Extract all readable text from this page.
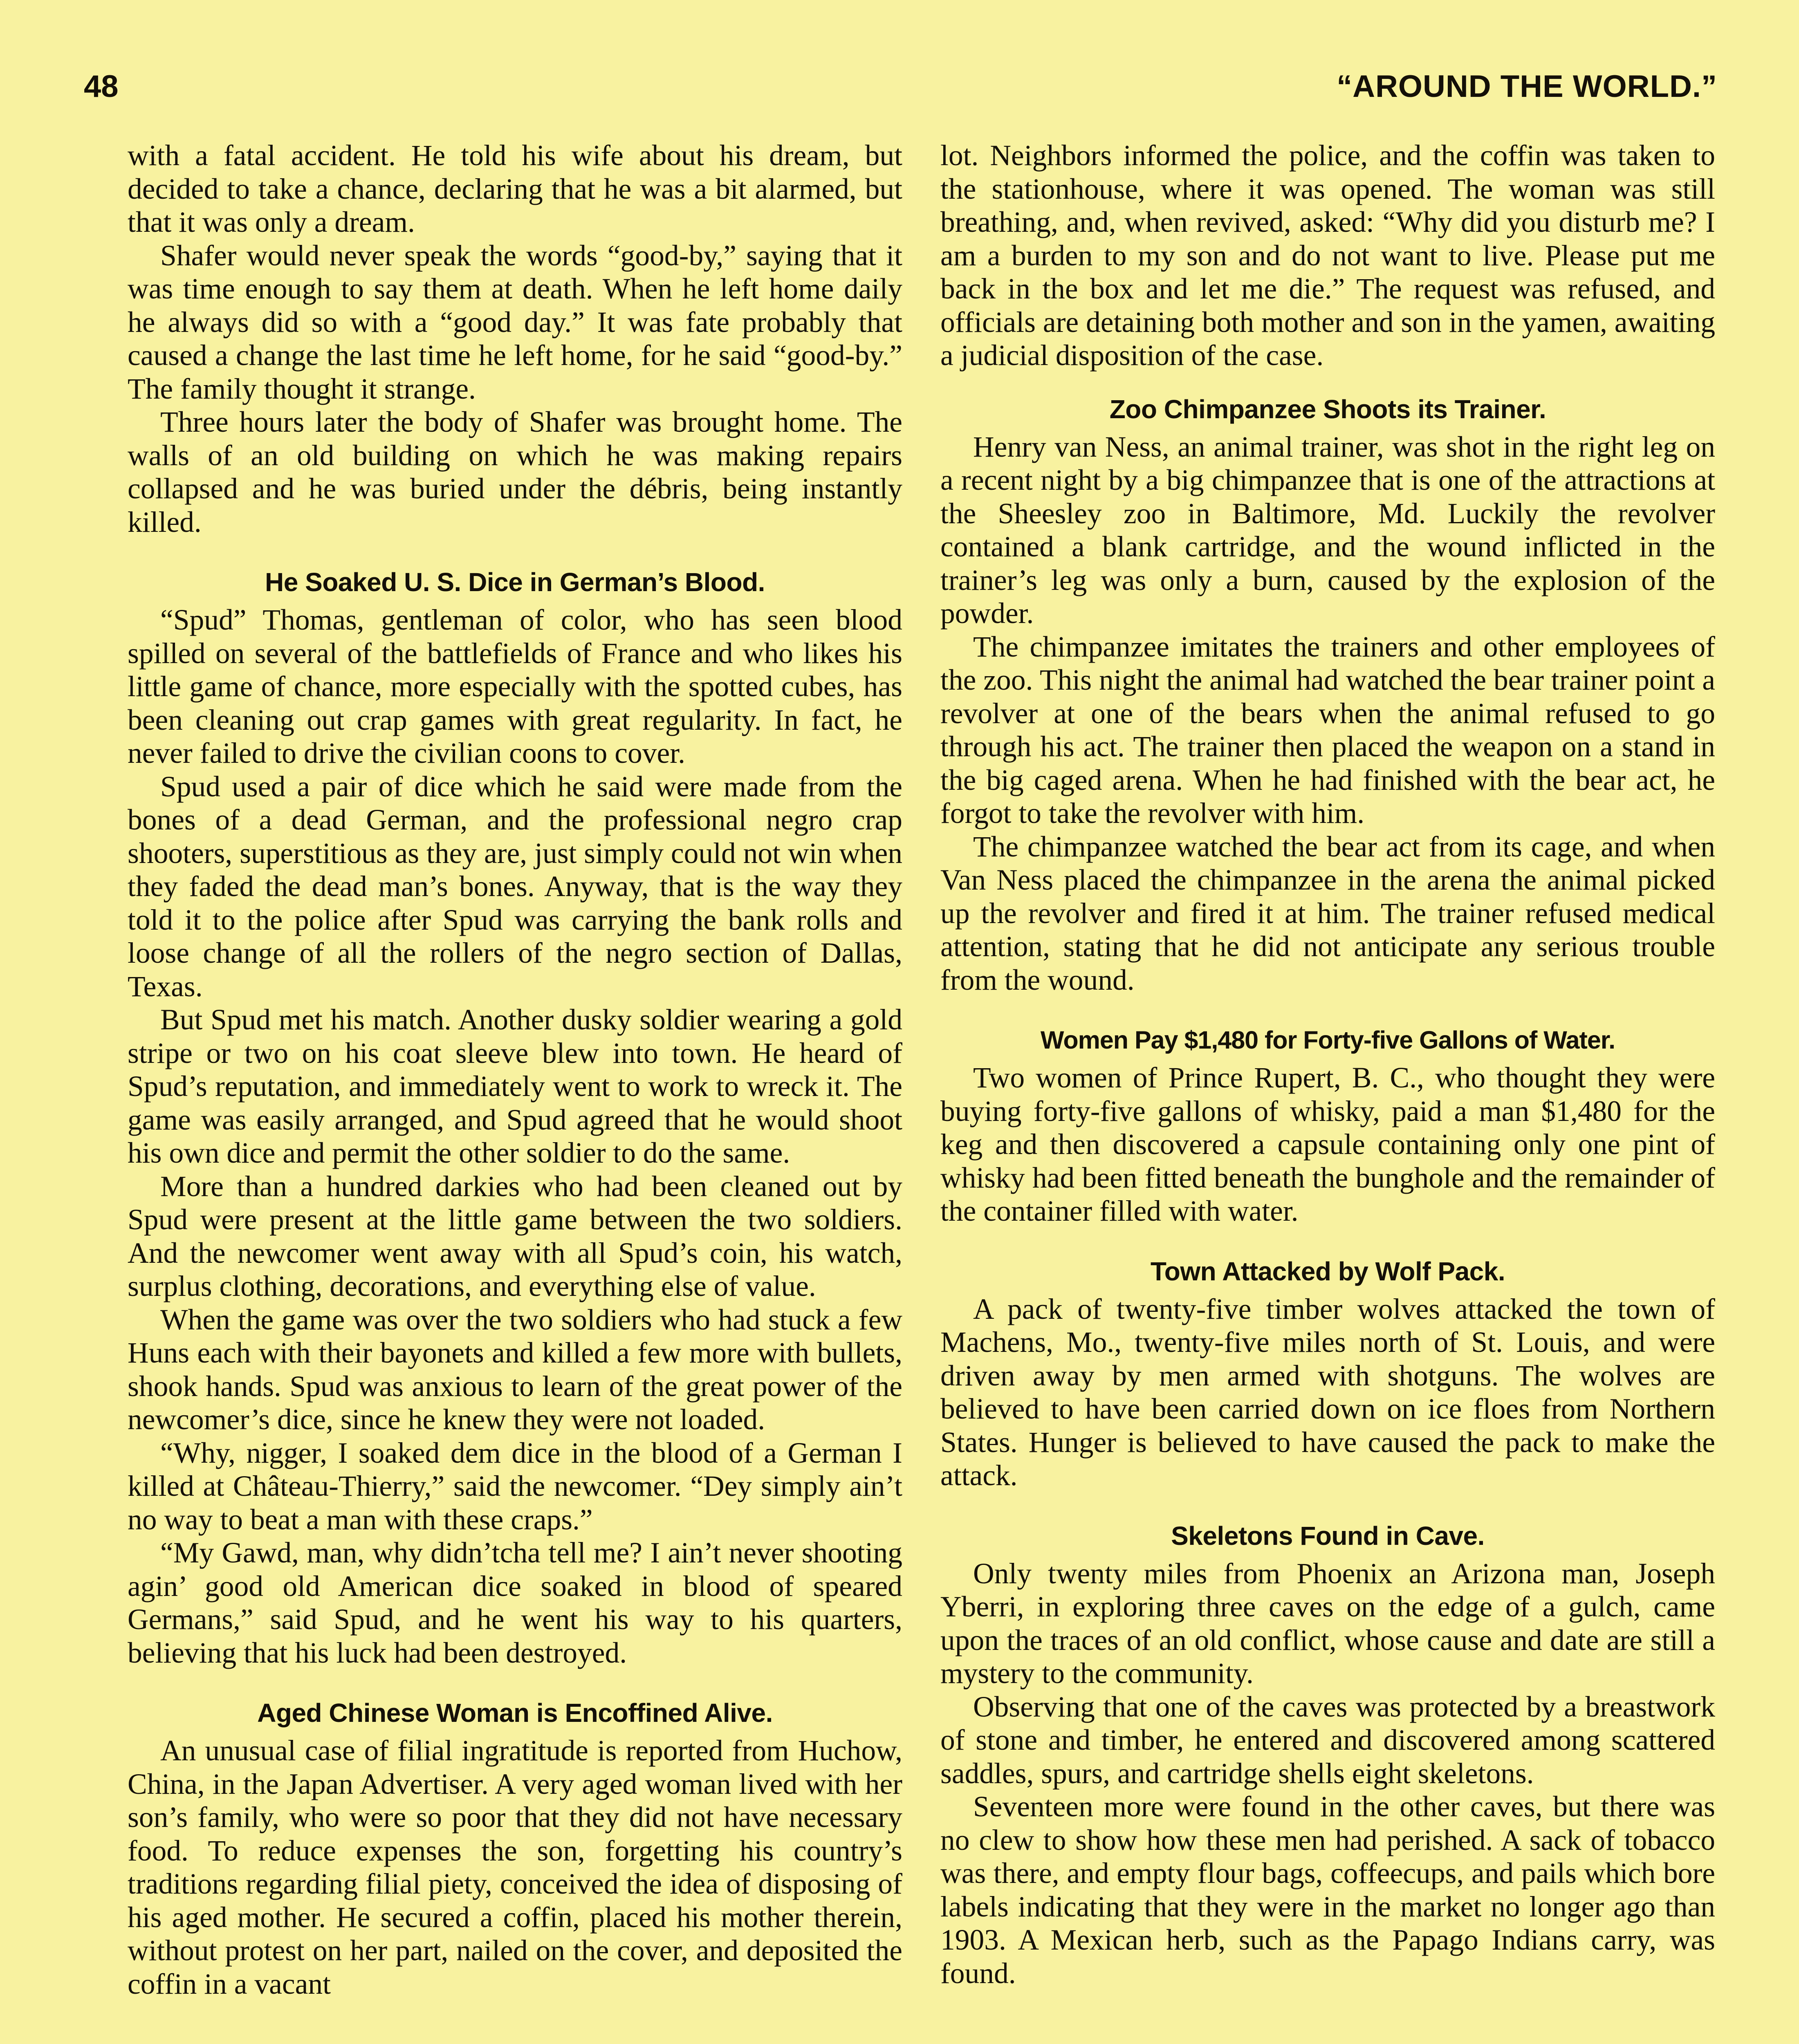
48	“AROUND THE WORLD.”

with a fatal accident. He told his wife about his dream, but decided to take a chance, declaring that he was a bit alarmed, but that it was only a dream.

Shafer would never speak the words “good-by,” saying that it was time enough to say them at death. When he left home daily he always did so with a “good day.” It was fate probably that caused a change the last time he left home, for he said “good-by.” The family thought it strange.

Three hours later the body of Shafer was brought home. The walls of an old building on which he was making repairs collapsed and he was buried under the débris, being instantly killed.

He Soaked U. S. Dice in German’s Blood.

“Spud” Thomas, gentleman of color, who has seen blood spilled on several of the battlefields of France and who likes his little game of chance, more especially with the spotted cubes, has been cleaning out crap games with great regularity. In fact, he never failed to drive the civilian coons to cover.

Spud used a pair of dice which he said were made from the bones of a dead German, and the professional negro crap shooters, superstitious as they are, just simply could not win when they faded the dead man’s bones. Anyway, that is the way they told it to the police after Spud was carrying the bank rolls and loose change of all the rollers of the negro section of Dallas, Texas.

But Spud met his match. Another dusky soldier wearing a gold stripe or two on his coat sleeve blew into town. He heard of Spud’s reputation, and immediately went to work to wreck it. The game was easily arranged, and Spud agreed that he would shoot his own dice and permit the other soldier to do the same.

More than a hundred darkies who had been cleaned out by Spud were present at the little game between the two soldiers. And the newcomer went away with all Spud’s coin, his watch, surplus clothing, decorations, and everything else of value.

When the game was over the two soldiers who had stuck a few Huns each with their bayonets and killed a few more with bullets, shook hands. Spud was anxious to learn of the great power of the newcomer’s dice, since he knew they were not loaded.

“Why, nigger, I soaked dem dice in the blood of a German I killed at Château-Thierry,” said the newcomer. “Dey simply ain’t no way to beat a man with these craps.”

“My Gawd, man, why didn’tcha tell me? I ain’t never shooting agin’ good old American dice soaked in blood of speared Germans,” said Spud, and he went his way to his quarters, believing that his luck had been destroyed.

Aged Chinese Woman is Encoffined Alive.

An unusual case of filial ingratitude is reported from Huchow, China, in the Japan Advertiser. A very aged woman lived with her son’s family, who were so poor that they did not have necessary food. To reduce expenses the son, forgetting his country’s traditions regarding filial piety, conceived the idea of disposing of his aged mother. He secured a coffin, placed his mother therein, without protest on her part, nailed on the cover, and deposited the coffin in a vacant

lot. Neighbors informed the police, and the coffin was taken to the stationhouse, where it was opened. The woman was still breathing, and, when revived, asked: “Why did you disturb me? I am a burden to my son and do not want to live. Please put me back in the box and let me die.” The request was refused, and officials are detaining both mother and son in the yamen, awaiting a judicial disposition of the case.

Zoo Chimpanzee Shoots its Trainer.

Henry van Ness, an animal trainer, was shot in the right leg on a recent night by a big chimpanzee that is one of the attractions at the Sheesley zoo in Baltimore, Md. Luckily the revolver contained a blank cartridge, and the wound inflicted in the trainer’s leg was only a burn, caused by the explosion of the powder.

The chimpanzee imitates the trainers and other employees of the zoo. This night the animal had watched the bear trainer point a revolver at one of the bears when the animal refused to go through his act. The trainer then placed the weapon on a stand in the big caged arena. When he had finished with the bear act, he forgot to take the revolver with him.

The chimpanzee watched the bear act from its cage, and when Van Ness placed the chimpanzee in the arena the animal picked up the revolver and fired it at him. The trainer refused medical attention, stating that he did not anticipate any serious trouble from the wound.

Women Pay $1,480 for Forty-five Gallons of Water.

Two women of Prince Rupert, B. C., who thought they were buying forty-five gallons of whisky, paid a man $1,480 for the keg and then discovered a capsule containing only one pint of whisky had been fitted beneath the bunghole and the remainder of the container filled with water.

Town Attacked by Wolf Pack.

A pack of twenty-five timber wolves attacked the town of Machens, Mo., twenty-five miles north of St. Louis, and were driven away by men armed with shotguns. The wolves are believed to have been carried down on ice floes from Northern States. Hunger is believed to have caused the pack to make the attack.

Skeletons Found in Cave.

Only twenty miles from Phoenix an Arizona man, Joseph Yberri, in exploring three caves on the edge of a gulch, came upon the traces of an old conflict, whose cause and date are still a mystery to the community.

Observing that one of the caves was protected by a breastwork of stone and timber, he entered and discovered among scattered saddles, spurs, and cartridge shells eight skeletons.

Seventeen more were found in the other caves, but there was no clew to show how these men had perished. A sack of tobacco was there, and empty flour bags, coffeecups, and pails which bore labels indicating that they were in the market no longer ago than 1903. A Mexican herb, such as the Papago Indians carry, was found.
